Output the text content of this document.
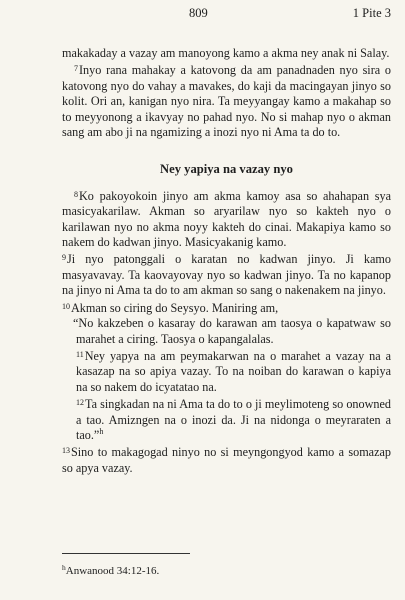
809	1 Pite 3

makakaday a vazay am manoyong kamo a akma ney anak ni Salay.

$^7$Inyo rana mahakay a katovong da am panadnaden nyo sira o katovong nyo do vahay a mavakes, do kaji da macingayan jinyo so kolit. Ori an, kanigan nyo nira. Ta meyyangay kamo a makahap so to meyyonong a ikavyay no pahad nyo. No si mahap nyo o akman sang am abo ji na ngamizing a inozi nyo ni Ama ta do to.

Ney yapiya na vazay nyo

$^8$Ko pakoyokoin jinyo am akma kamoy asa so ahahapan sya masicyakarilaw. Akman so aryarilaw nyo so kakteh nyo o karilawan nyo no akma noyy kakteh do cinai. Makapiya kamo so nakem do kadwan jinyo. Masicyakanig kamo.

$^9$Ji nyo patonggali o karatan no kadwan jinyo. Ji kamo masyavavay. Ta kaovayovay nyo so kadwan jinyo. Ta no kapanop na jinyo ni Ama ta do to am akman so sang o nakenakem na jinyo.

$^{10}$Akman so ciring do Seysyo. Maniring am,

“No kakzeben o kasaray do karawan am taosya o kapatwaw so marahet a ciring. Taosya o kapangalalas.

$^{11}$Ney yapya na am peymakarwan na o marahet a vazay na a kasazap na so apiya vazay. To na noiban do karawan o kapiya na so nakem do icyatatao na.

$^{12}$Ta singkadan na ni Ama ta do to o ji meylimoteng so onowned a tao. Amizngen na o inozi da. Ji na nidonga o meyraraten a tao.”$^h$

$^{13}$Sino to makagogad ninyo no si meyngongyod kamo a somazap so apya vazay.

$^h$Anwanood 34:12-16.
